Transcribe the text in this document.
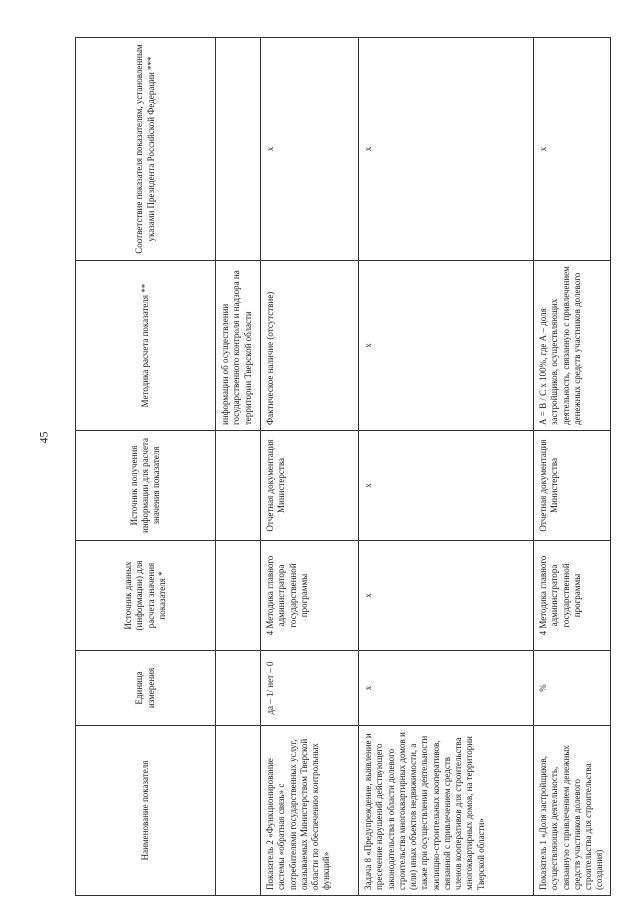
45
Наименование показателя	Единица измерения	Источник данных (информации) для расчета значения показателя *	Источник получения информации для расчета значения показателя	Методика расчета показателя **	Соответствие показателя показателям, установленным указами Президента Российской Федерации ***
				информации об осуществлении государственного контроля и надзора на территории Тверской области	
Показатель 2 «Функционирование системы «обратная связь» с потребителями государственных услуг, оказываемых Министерством Тверской области по обеспечению контрольных функций»	да – 1/ нет – 0	4 Методика главного администратора государственной программы	Отчетная документация Министерства	Фактическое наличие (отсутствие)	х
Задача 8 «Предупреждение, выявление и пресечение нарушений действующего законодательства в области долевого строительства многоквартирных домов и (или) иных объектов недвижимости, а также при осуществлении деятельности жилищно-строительных кооперативов, связанной с привлечением средств членов кооперативов для строительства многоквартирных домов, на территории Тверской области»	х	х	х	х	х
Показатель 1 «Доля застройщиков, осуществляющих деятельность, связанную с привлечением денежных средств участников долевого строительства для строительства (создания)	%	4 Методика главного администратора государственной программы	Отчетная документация Министерства	А = В / С х 100%, где А – доля застройщиков, осуществляющих деятельность, связанную с привлечением денежных средств участников долевого	х
